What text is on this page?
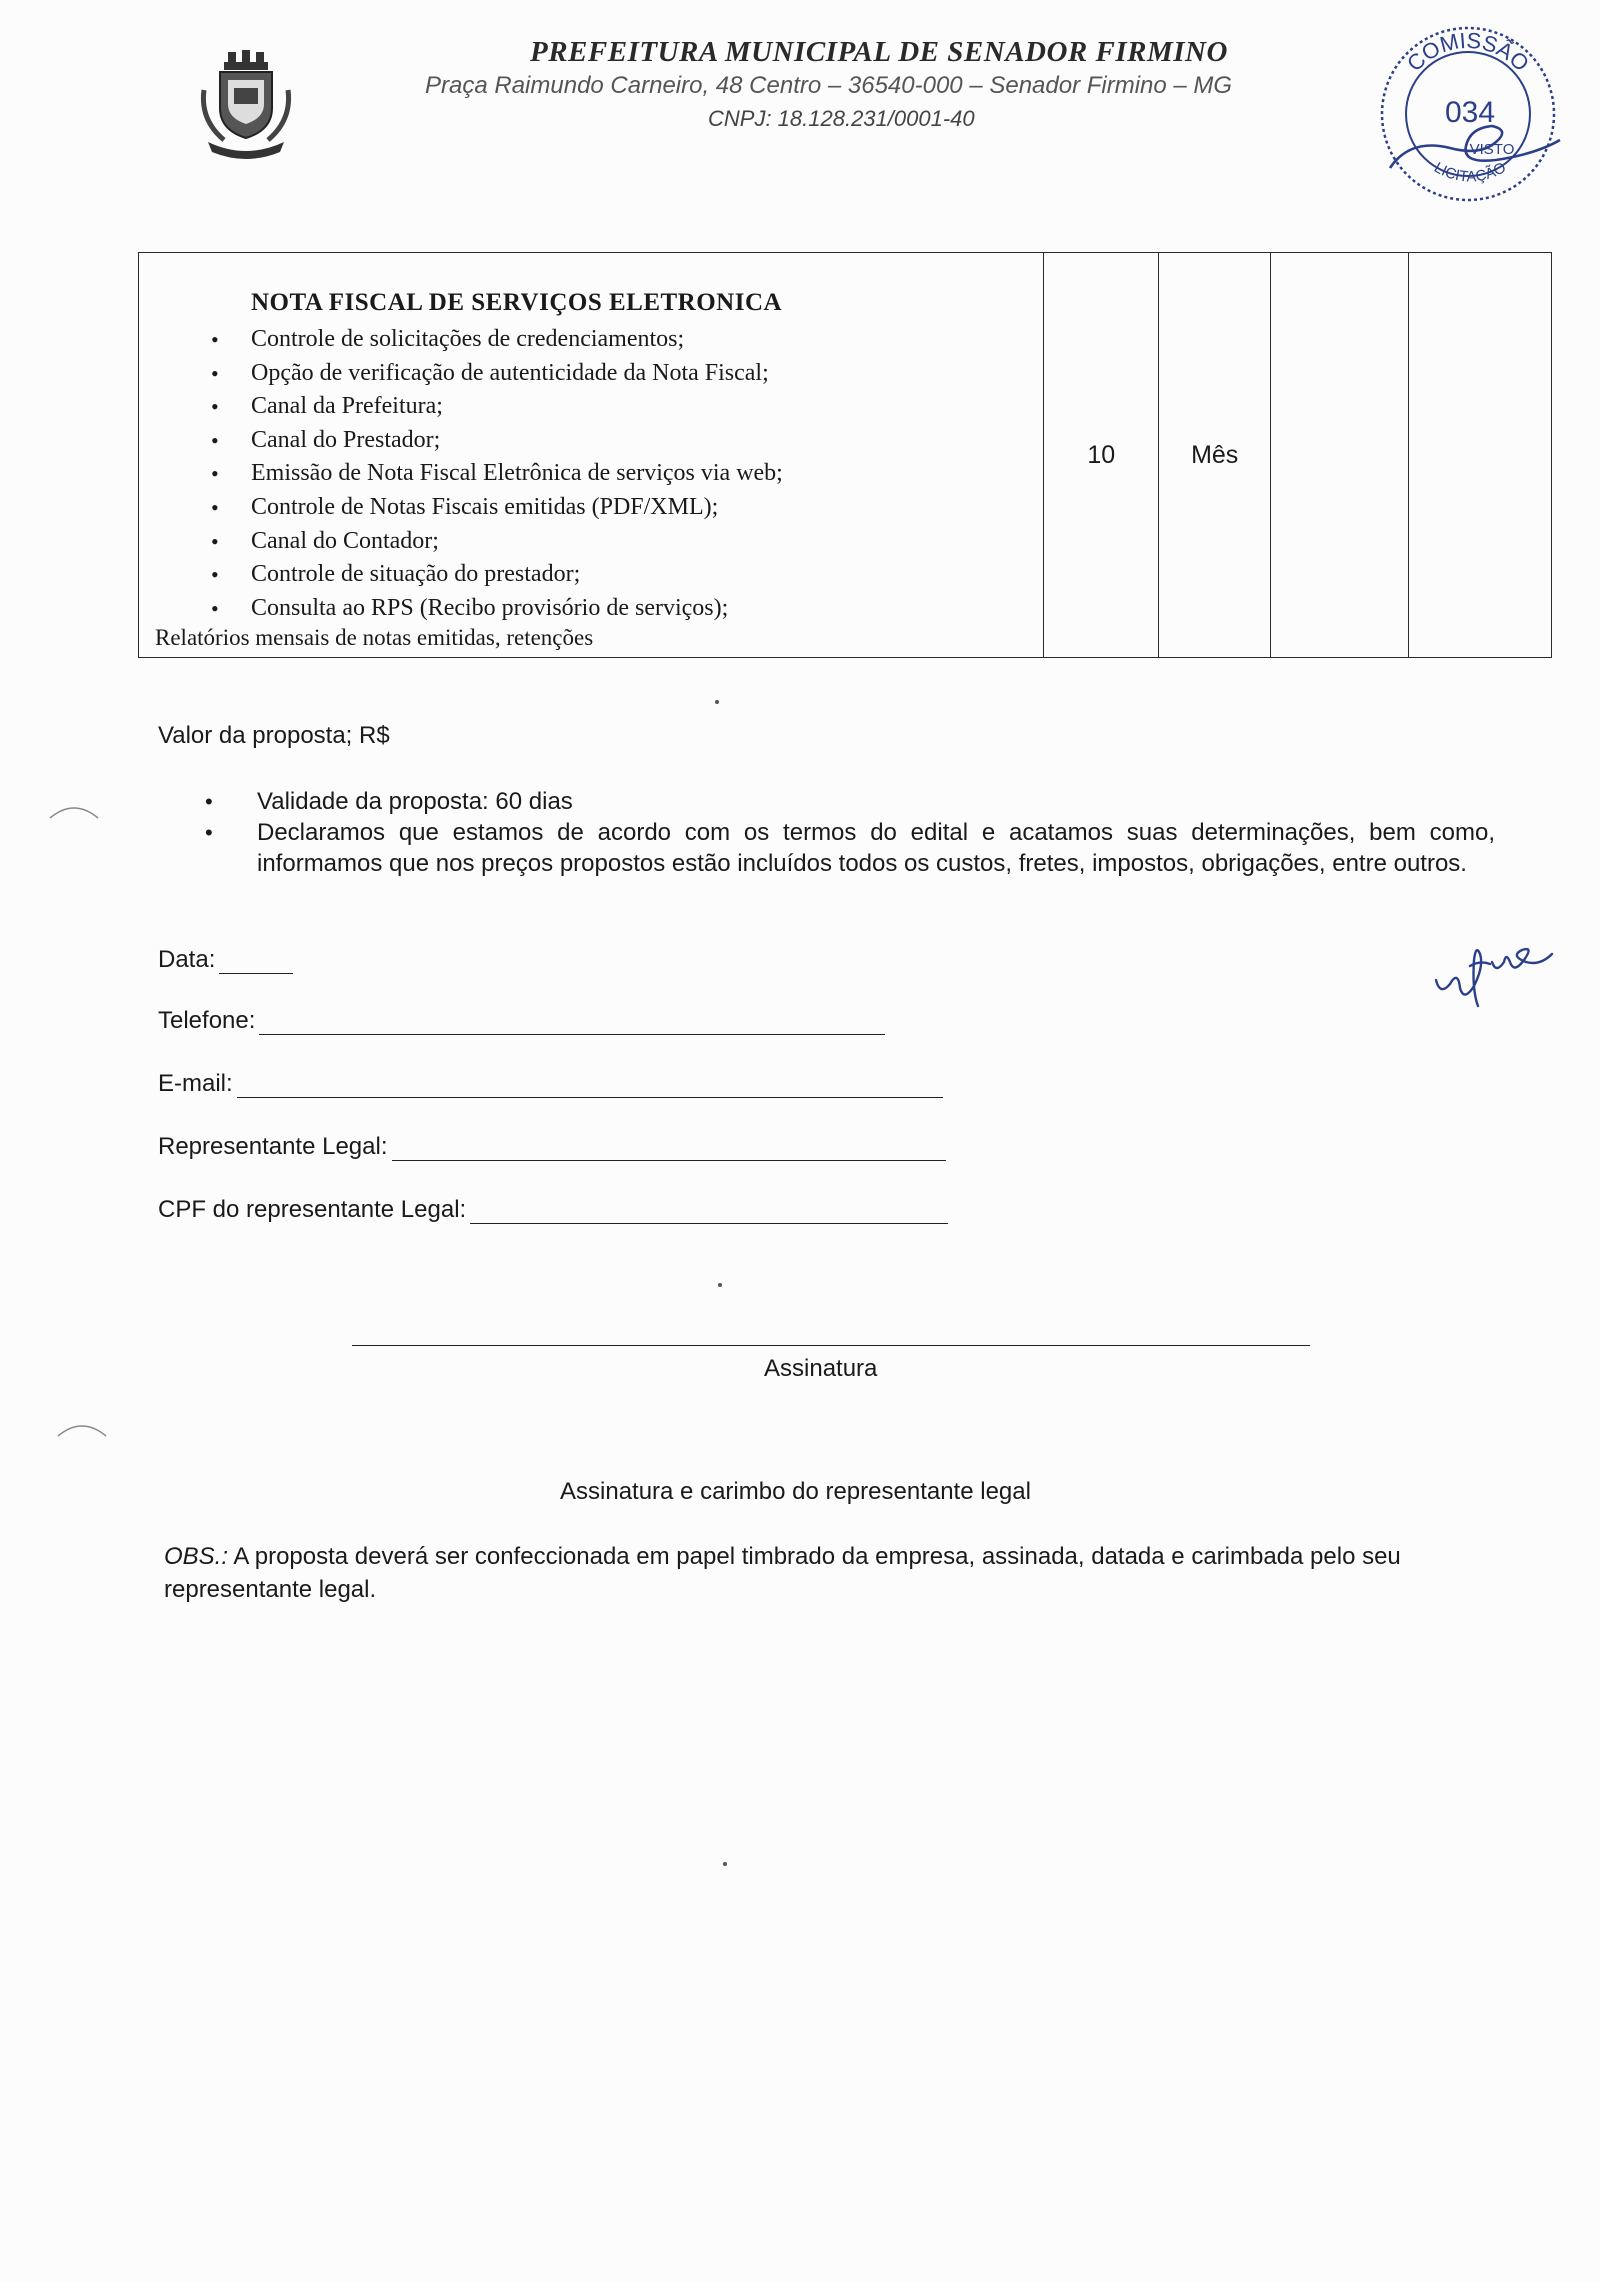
PREFEITURA MUNICIPAL DE SENADOR FIRMINO
Praça Raimundo Carneiro, 48 Centro – 36540-000 – Senador Firmino – MG
CNPJ: 18.128.231/0001-40
COMISSÃO
LICITAÇÃO
034
VISTO
NOTA FISCAL DE SERVIÇOS ELETRONICA
• Controle de solicitações de credenciamentos;
• Opção de verificação de autenticidade da Nota Fiscal;
• Canal da Prefeitura;
• Canal do Prestador;
• Emissão de Nota Fiscal Eletrônica de serviços via web;
• Controle de Notas Fiscais emitidas (PDF/XML);
• Canal do Contador;
• Controle de situação do prestador;
• Consulta ao RPS (Recibo provisório de serviços);
Relatórios mensais de notas emitidas, retenções
	10	Mês		
Valor da proposta; R$
• Validade da proposta: 60 dias
• Declaramos que estamos de acordo com os termos do edital e acatamos suas determinações, bem como, informamos que nos preços propostos estão incluídos todos os custos, fretes, impostos, obrigações, entre outros.
Data:
Telefone:
E-mail:
Representante Legal:
CPF do representante Legal:
Assinatura
Assinatura e carimbo do representante legal
OBS.: A proposta deverá ser confeccionada em papel timbrado da empresa, assinada, datada e carimbada pelo seu representante legal.
